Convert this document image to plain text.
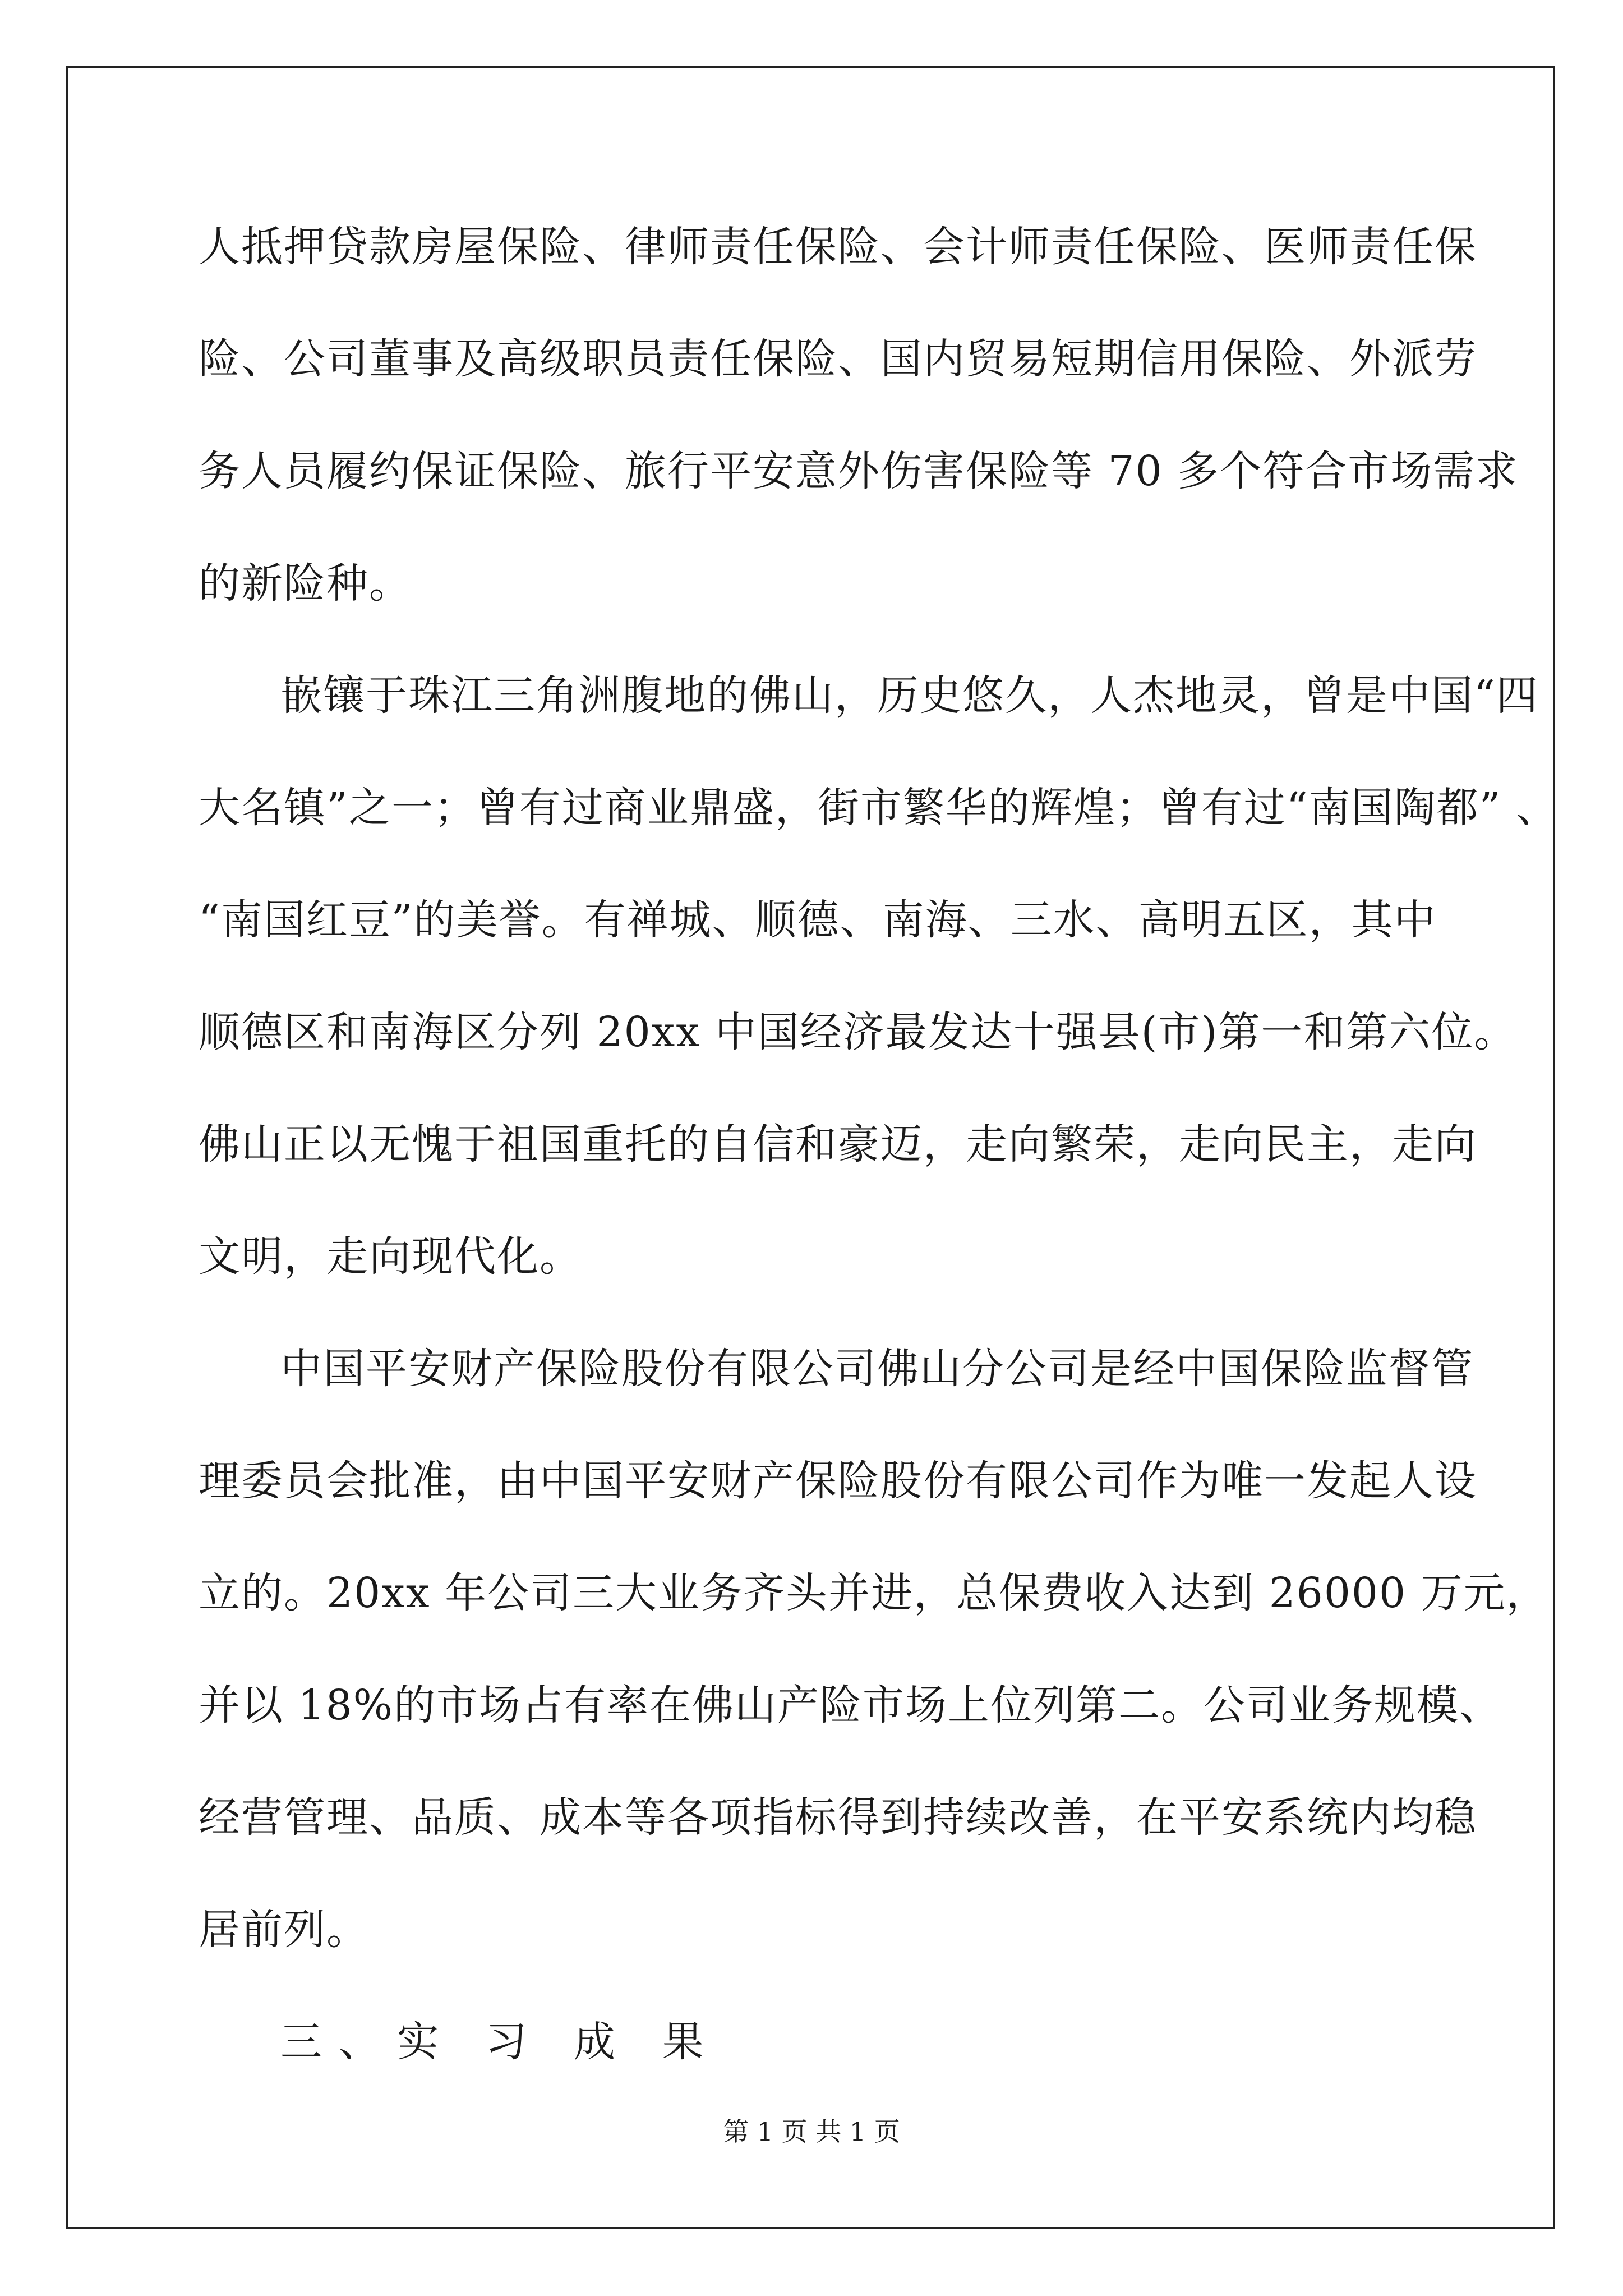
人抵押贷款房屋保险、律师责任保险、会计师责任保险、医师责任保
险、公司董事及高级职员责任保险、国内贸易短期信用保险、外派劳
务人员履约保证保险、旅行平安意外伤害保险等 70 多个符合市场需求
的新险种。
嵌镶于珠江三角洲腹地的佛山，历史悠久，人杰地灵，曾是中国“四
大名镇”之一；曾有过商业鼎盛，街市繁华的辉煌；曾有过“南国陶都” 、
“南国红豆”的美誉。有禅城、顺德、南海、三水、高明五区，其中
顺德区和南海区分列 20xx 中国经济最发达十强县(市)第一和第六位。
佛山正以无愧于祖国重托的自信和豪迈，走向繁荣，走向民主，走向
文明，走向现代化。
中国平安财产保险股份有限公司佛山分公司是经中国保险监督管
理委员会批准，由中国平安财产保险股份有限公司作为唯一发起人设
立的。20xx 年公司三大业务齐头并进，总保费收入达到 26000 万元，
并以 18%的市场占有率在佛山产险市场上位列第二。公司业务规模、
经营管理、品质、成本等各项指标得到持续改善，在平安系统内均稳
居前列。
三、实 习 成 果
第 1 页 共 1 页
